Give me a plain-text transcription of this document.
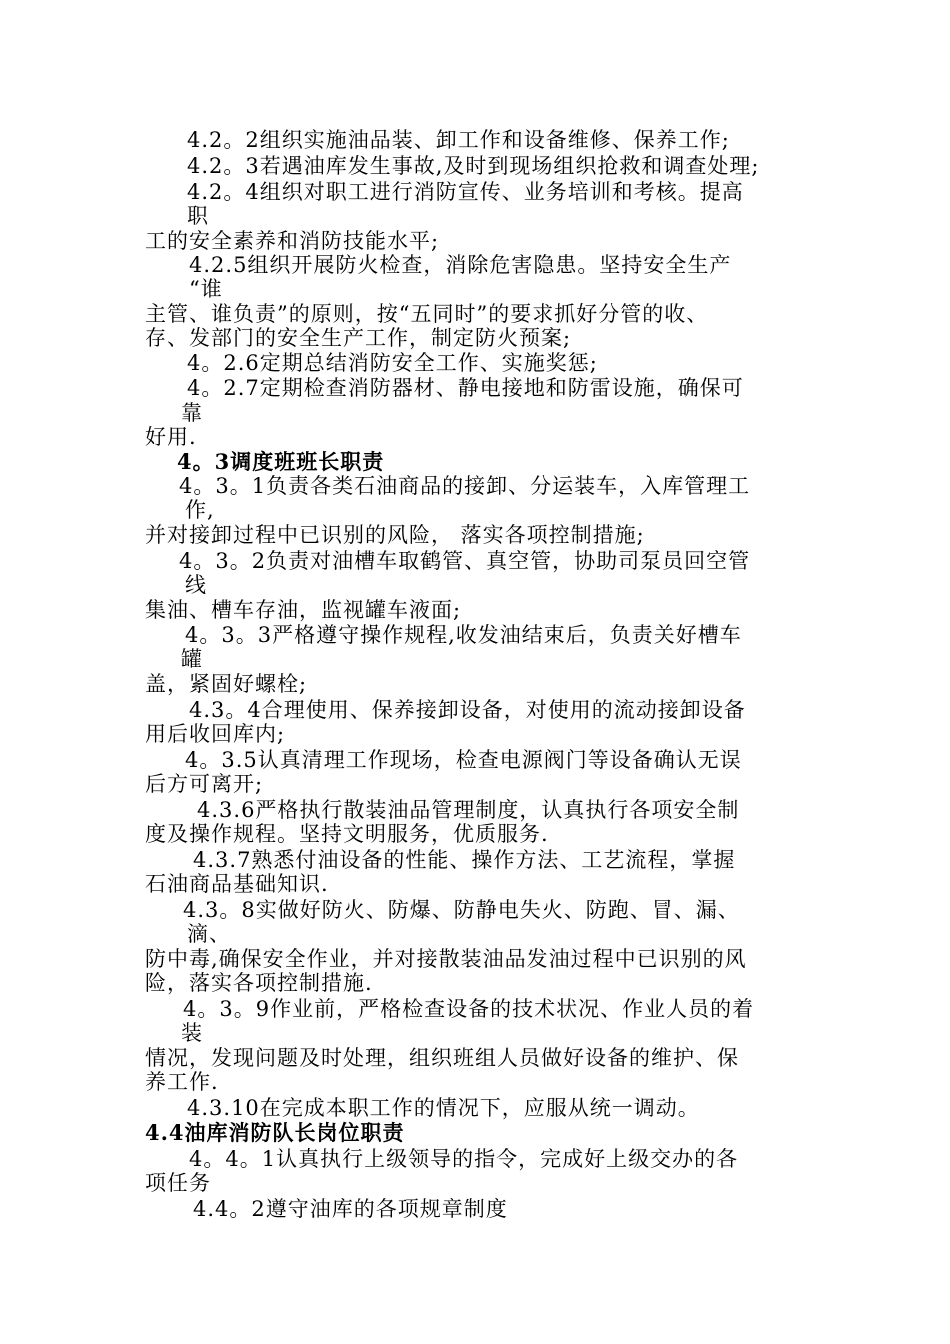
4.2。2组织实施油品装、卸工作和设备维修、保养工作;
4.2。3若遇油库发生事故,及时到现场组织抢救和调查处理;
4.2。4组织对职工进行消防宣传、业务培训和考核。提高
职
工的安全素养和消防技能水平;
4.2.5组织开展防火检查，消除危害隐患。坚持安全生产
“谁
主管、谁负责”的原则，按“五同时”的要求抓好分管的收、
存、发部门的安全生产工作，制定防火预案;
4。2.6定期总结消防安全工作、实施奖惩;
4。2.7定期检查消防器材、静电接地和防雷设施，确保可
靠
好用.
4。3调度班班长职责
4。3。1负责各类石油商品的接卸、分运装车，入库管理工
作,
并对接卸过程中已识别的风险， 落实各项控制措施;
4。3。2负责对油槽车取鹤管、真空管，协助司泵员回空管
线
集油、槽车存油，监视罐车液面;
4。3。3严格遵守操作规程,收发油结束后，负责关好槽车
罐
盖，紧固好螺栓;
4.3。4合理使用、保养接卸设备，对使用的流动接卸设备
用后收回库内;
4。3.5认真清理工作现场，检查电源阀门等设备确认无误
后方可离开;
4.3.6严格执行散装油品管理制度，认真执行各项安全制
度及操作规程。坚持文明服务，优质服务.
4.3.7熟悉付油设备的性能、操作方法、工艺流程，掌握
石油商品基础知识.
4.3。8实做好防火、防爆、防静电失火、防跑、冒、漏、
滴、
防中毒,确保安全作业，并对接散装油品发油过程中已识别的风
险，落实各项控制措施.
4。3。9作业前，严格检查设备的技术状况、作业人员的着
装
情况，发现问题及时处理，组织班组人员做好设备的维护、保
养工作.
4.3.10在完成本职工作的情况下，应服从统一调动。
4.4油库消防队长岗位职责
4。4。1认真执行上级领导的指令，完成好上级交办的各
项任务
4.4。2遵守油库的各项规章制度
